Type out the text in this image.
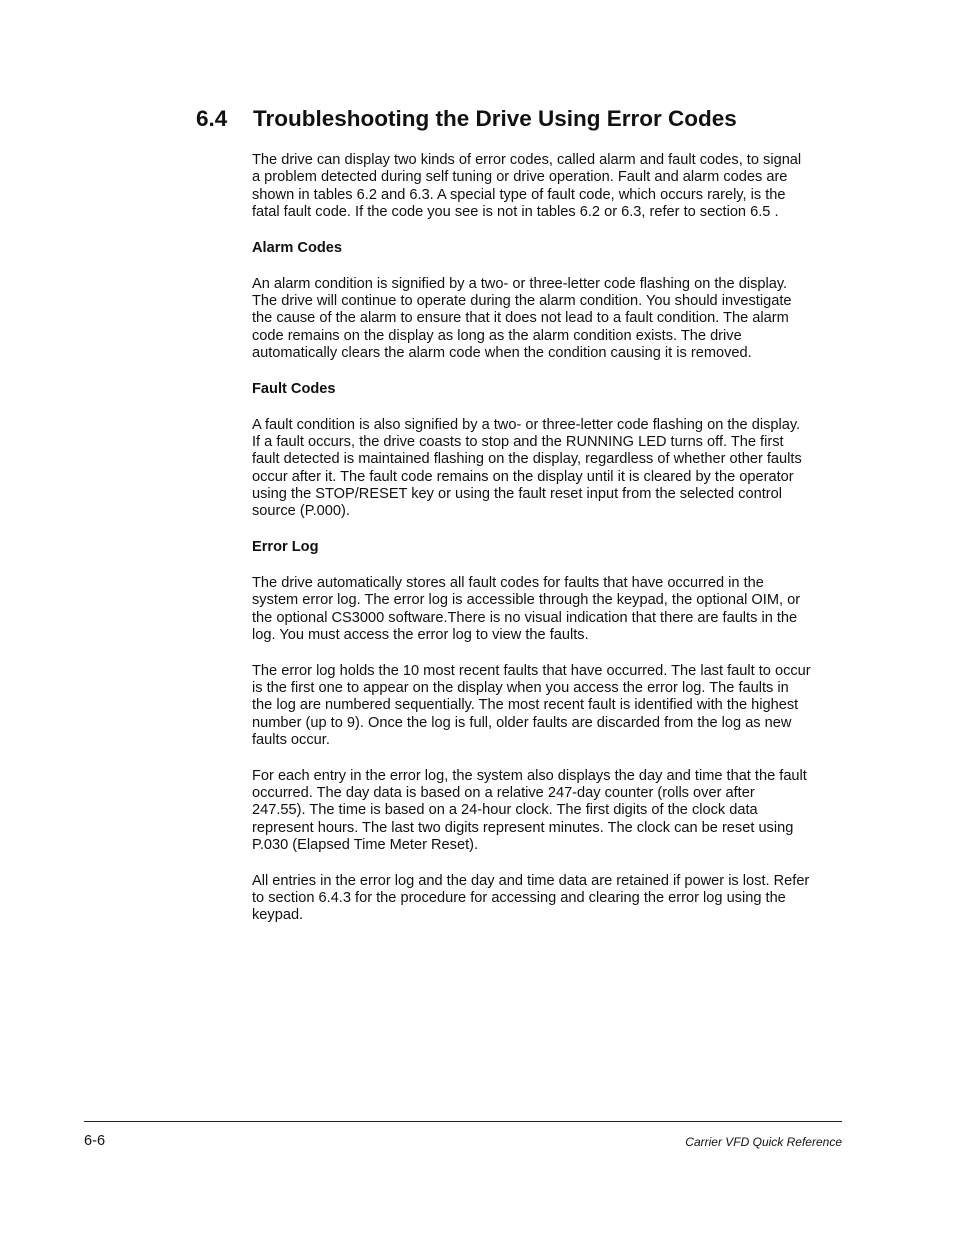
6.4 Troubleshooting the Drive Using Error Codes

The drive can display two kinds of error codes, called alarm and fault codes, to signal
a problem detected during self tuning or drive operation. Fault and alarm codes are
shown in tables 6.2 and 6.3. A special type of fault code, which occurs rarely, is the
fatal fault code. If the code you see is not in tables 6.2 or 6.3, refer to section 6.5 .

Alarm Codes

An alarm condition is signified by a two- or three-letter code flashing on the display.
The drive will continue to operate during the alarm condition. You should investigate
the cause of the alarm to ensure that it does not lead to a fault condition. The alarm
code remains on the display as long as the alarm condition exists. The drive
automatically clears the alarm code when the condition causing it is removed.

Fault Codes

A fault condition is also signified by a two- or three-letter code flashing on the display.
If a fault occurs, the drive coasts to stop and the RUNNING LED turns off. The first
fault detected is maintained flashing on the display, regardless of whether other faults
occur after it. The fault code remains on the display until it is cleared by the operator
using the STOP/RESET key or using the fault reset input from the selected control
source (P.000).

Error Log

The drive automatically stores all fault codes for faults that have occurred in the
system error log. The error log is accessible through the keypad, the optional OIM, or
the optional CS3000 software.There is no visual indication that there are faults in the
log. You must access the error log to view the faults.

The error log holds the 10 most recent faults that have occurred. The last fault to occur
is the first one to appear on the display when you access the error log. The faults in
the log are numbered sequentially. The most recent fault is identified with the highest
number (up to 9). Once the log is full, older faults are discarded from the log as new
faults occur.

For each entry in the error log, the system also displays the day and time that the fault
occurred. The day data is based on a relative 247-day counter (rolls over after
247.55). The time is based on a 24-hour clock. The first digits of the clock data
represent hours. The last two digits represent minutes. The clock can be reset using
P.030 (Elapsed Time Meter Reset).

All entries in the error log and the day and time data are retained if power is lost. Refer
to section 6.4.3 for the procedure for accessing and clearing the error log using the
keypad.

6-6	Carrier VFD Quick Reference
